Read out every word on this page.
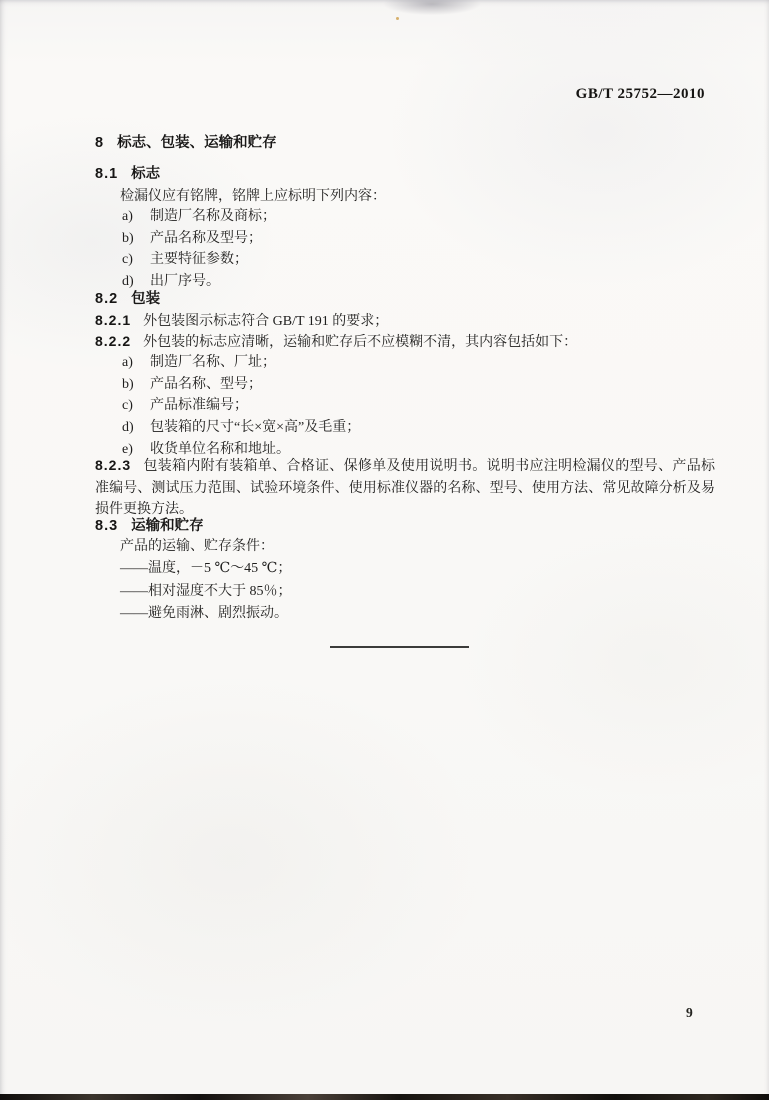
GB/T 25752—2010
8 标志、包装、运输和贮存
8.1 标志
检漏仪应有铭牌，铭牌上应标明下列内容：
a)	制造厂名称及商标；
b)	产品名称及型号；
c)	主要特征参数；
d)	出厂序号。
8.2 包装
8.2.1 外包装图示标志符合 GB/T 191 的要求；
8.2.2 外包装的标志应清晰，运输和贮存后不应模糊不清，其内容包括如下：
a)	制造厂名称、厂址；
b)	产品名称、型号；
c)	产品标准编号；
d)	包装箱的尺寸“长×宽×高”及毛重；
e)	收货单位名称和地址。
8.2.3 包装箱内附有装箱单、合格证、保修单及使用说明书。说明书应注明检漏仪的型号、产品标准编号、测试压力范围、试验环境条件、使用标准仪器的名称、型号、使用方法、常见故障分析及易损件更换方法。
8.3 运输和贮存
产品的运输、贮存条件：
——温度，－5 ℃～45 ℃；
——相对湿度不大于 85％；
——避免雨淋、剧烈振动。
9
